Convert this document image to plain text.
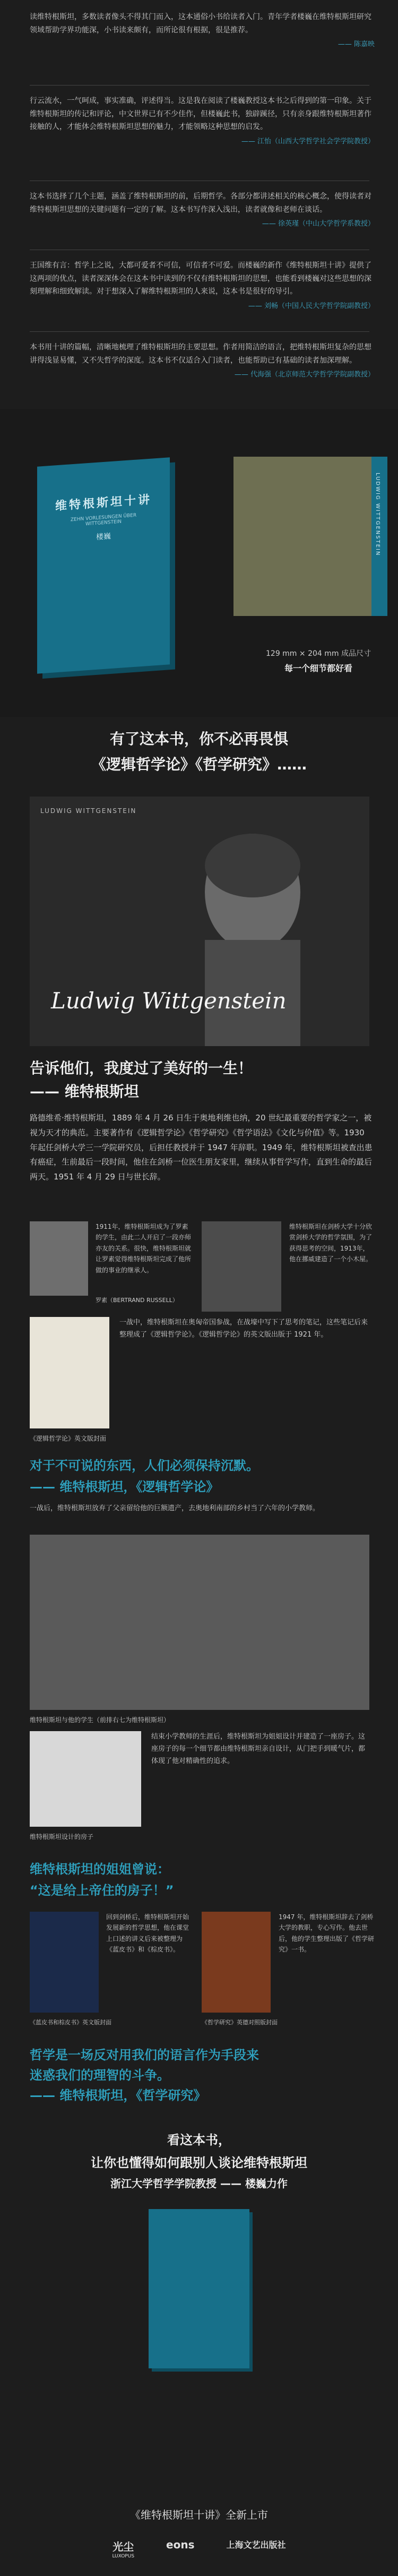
读维特根斯坦，多数读者像头不得其门而入，这本通俗小书给读者入门。青年学者楼巍在维特根斯坦研究领域帮助学界功能深，小书读来颇有，而所论很有根据，很是推荐。
—— 陈嘉映
行云流水，一气呵成，事实准确，评述得当。这是我在阅读了楼巍教授这本书之后得到的第一印象。关于维特根斯坦的传记和评论，中文世界已有不少佳作，但楼巍此书，独辟蹊径，只有亲身跟维特根斯坦著作接触的人，才能体会维特根斯坦思想的魅力，才能领略这种思想的启发。
—— 江怡（山西大学哲学社会学学院教授）
这本书选择了几个主题，涵盖了维特根斯坦的前，后期哲学。各部分都讲述相关的核心概念，使得读者对维特根斯坦思想的关键问题有一定的了解。这本书写作深入浅出，读者就像和老师在谈话。
—— 徐英瑾（中山大学哲学系教授）
王国维有言：哲学上之说，大都可爱者不可信，可信者不可爱。而楼巍的新作《维特根斯坦十讲》提供了这两项的优点，读者深深体会在这本书中读到的不仅有维特根斯坦的思想，也能看到楼巍对这些思想的深刻理解和细致解读。对于想深入了解维特根斯坦的人来说，这本书是很好的导引。
—— 刘畅（中国人民大学哲学院副教授）
本书用十讲的篇幅，清晰地梳理了维特根斯坦的主要思想。作者用简洁的语言，把维特根斯坦复杂的思想讲得浅显易懂，又不失哲学的深度。这本书不仅适合入门读者，也能帮助已有基础的读者加深理解。
—— 代海强（北京师范大学哲学学院副教授）
维特根斯坦十讲
ZEHN VORLESUNGEN ÜBER WITTGENSTEIN
楼巍	LUDWIG WITTGENSTEIN
129 mm × 204 mm 成品尺寸
每一个细节都好看
有了这本书，你不必再畏惧
《逻辑哲学论》《哲学研究》……
LUDWIG WITTGENSTEIN
Ludwig Wittgenstein
告诉他们，我度过了美好的一生！
—— 维特根斯坦
路德维希·维特根斯坦，1889 年 4 月 26 日生于奥地利维也纳，20 世纪最重要的哲学家之一，被视为天才的典范。主要著作有《逻辑哲学论》《哲学研究》《哲学语法》《文化与价值》等。1930 年起任剑桥大学三一学院研究员，后担任教授并于 1947 年辞职。1949 年，维特根斯坦被查出患有癌症，生前最后一段时间，他住在剑桥一位医生朋友家里，继续从事哲学写作，直到生命的最后两天。1951 年 4 月 29 日与世长辞。
1911年，维特根斯坦成为了罗素的学生，由此二人开启了一段亦师亦友的关系。很快，维特根斯坦就让罗素觉得维特根斯坦完成了他所做的事业的继承人。
罗素（BERTRAND RUSSELL）
维特根斯坦在剑桥大学十分欣赏剑桥大学的哲学氛围，为了获得思考的空间，1913年，他在挪威建造了一个小木屋。
一战中，维特根斯坦在奥匈帝国参战，在战壕中写下了思考的笔记，这些笔记后来整理成了《逻辑哲学论》。《逻辑哲学论》的英文版出版于 1921 年。
《逻辑哲学论》英文版封面
对于不可说的东西，人们必须保持沉默。
—— 维特根斯坦，《逻辑哲学论》
一战后，维特根斯坦放弃了父亲留给他的巨额遗产，去奥地利南部的乡村当了六年的小学教师。
维特根斯坦与他的学生（前排右七为维特根斯坦）
结束小学教师的生涯后，维特根斯坦为姐姐设计并建造了一座房子。这座房子的每一个细节都由维特根斯坦亲自设计，从门把手到暖气片，都体现了他对精确性的追求。
维特根斯坦设计的房子
维特根斯坦的姐姐曾说：
“这是给上帝住的房子！”
回到剑桥后，维特根斯坦开始发展新的哲学思想，他在课堂上口述的讲义后来被整理为《蓝皮书》和《棕皮书》。
《蓝皮书和棕皮书》英文版封面
1947 年，维特根斯坦辞去了剑桥大学的教职，专心写作。他去世后，他的学生整理出版了《哲学研究》一书。
《哲学研究》英德对照版封面
哲学是一场反对用我们的语言作为手段来
迷惑我们的理智的斗争。
—— 维特根斯坦，《哲学研究》
看这本书，
让你也懂得如何跟别人谈论维特根斯坦
浙江大学哲学学院教授 —— 楼巍力作
《维特根斯坦十讲》全新上市
光尘
LUXOPUS
eons	上海文艺出版社
